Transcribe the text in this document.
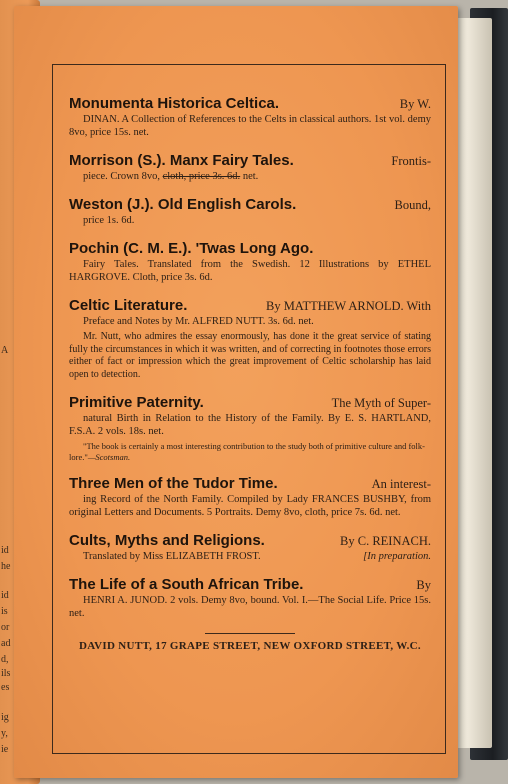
A
id
he
id
is
or
ad
d,
ils
es
ig
y,
ie
Monumenta Historica Celtica.	By W.
DINAN. A Collection of References to the Celts in classical authors. 1st vol. demy 8vo, price 15s. net.
Morrison (S.). Manx Fairy Tales.	Frontis-
piece. Crown 8vo, cloth, price 3s. 6d. net.
Weston (J.). Old English Carols.	Bound,
price 1s. 6d.
Pochin (C. M. E.). 'Twas Long Ago.
Fairy Tales. Translated from the Swedish. 12 Illustrations by ETHEL HARGROVE. Cloth, price 3s. 6d.
Celtic Literature.	By MATTHEW ARNOLD. With
Preface and Notes by Mr. ALFRED NUTT. 3s. 6d. net.
Mr. Nutt, who admires the essay enormously, has done it the great service of stating fully the circumstances in which it was written, and of correcting in footnotes those errors either of fact or impression which the great improvement of Celtic scholarship has laid open to detection.
Primitive Paternity.	The Myth of Super-
natural Birth in Relation to the History of the Family. By E. S. HARTLAND, F.S.A. 2 vols. 18s. net.
"The book is certainly a most interesting contribution to the study both of primitive culture and folk-lore."—Scotsman.
Three Men of the Tudor Time.	An interest-
ing Record of the North Family. Compiled by Lady FRANCES BUSHBY, from original Letters and Documents. 5 Portraits. Demy 8vo, cloth, price 7s. 6d. net.
Cults, Myths and Religions.	By C. REINACH.
Translated by Miss ELIZABETH FROST.	[In preparation.
The Life of a South African Tribe.	By
HENRI A. JUNOD. 2 vols. Demy 8vo, bound. Vol. I.—The Social Life. Price 15s. net.
DAVID NUTT, 17 GRAPE STREET, NEW OXFORD STREET, W.C.
